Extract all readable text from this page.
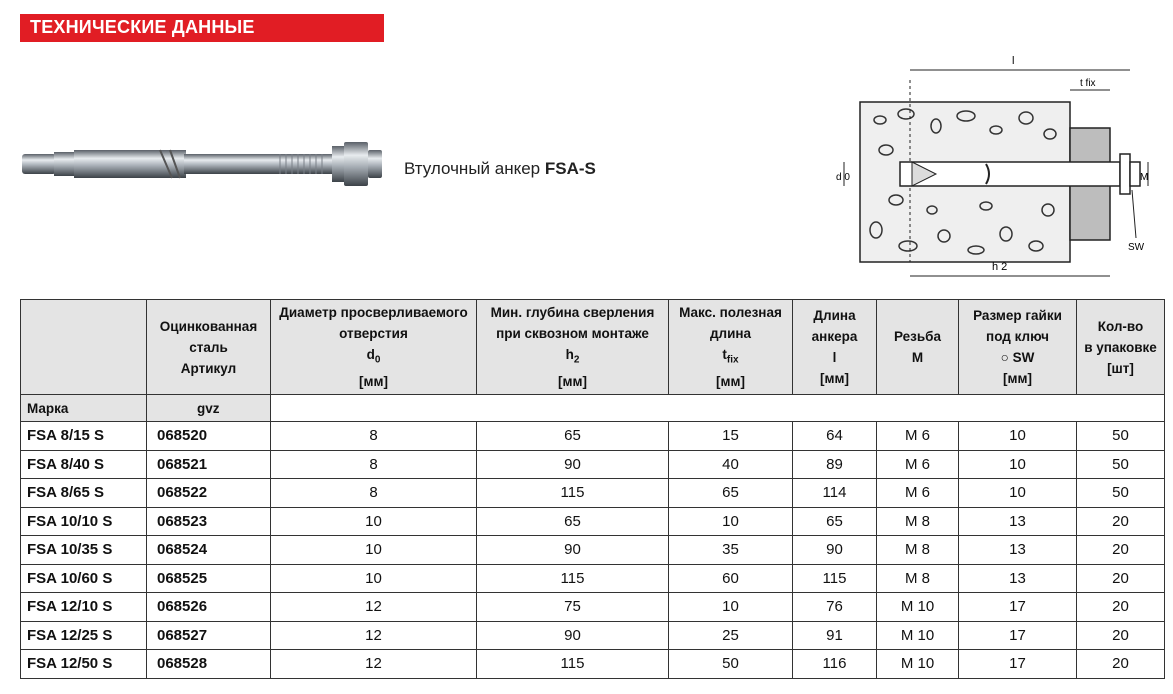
ТЕХНИЧЕСКИЕ ДАННЫЕ
Втулочный анкер FSA-S
l
t fix
d 0	M
SW
h 2

	Оцинкованная
сталь
Артикул	Диаметр просверливаемого
отверстия
$d_0$
[мм]	Мин. глубина сверления
при сквозном монтаже
$h_2$
[мм]	Макс. полезная
длина
$t_{fix}$
[мм]	Длина
анкера
l
[мм]	Резьба
M	Размер гайки
под ключ
○ SW
[мм]	Кол-во
в упаковке
[шт]

Марка	gvz							
FSA 8/15 S	068520	8	65	15	64	M 6	10	50
FSA 8/40 S	068521	8	90	40	89	M 6	10	50
FSA 8/65 S	068522	8	115	65	114	M 6	10	50
FSA 10/10 S	068523	10	65	10	65	M 8	13	20
FSA 10/35 S	068524	10	90	35	90	M 8	13	20
FSA 10/60 S	068525	10	115	60	115	M 8	13	20
FSA 12/10 S	068526	12	75	10	76	M 10	17	20
FSA 12/25 S	068527	12	90	25	91	M 10	17	20
FSA 12/50 S	068528	12	115	50	116	M 10	17	20
